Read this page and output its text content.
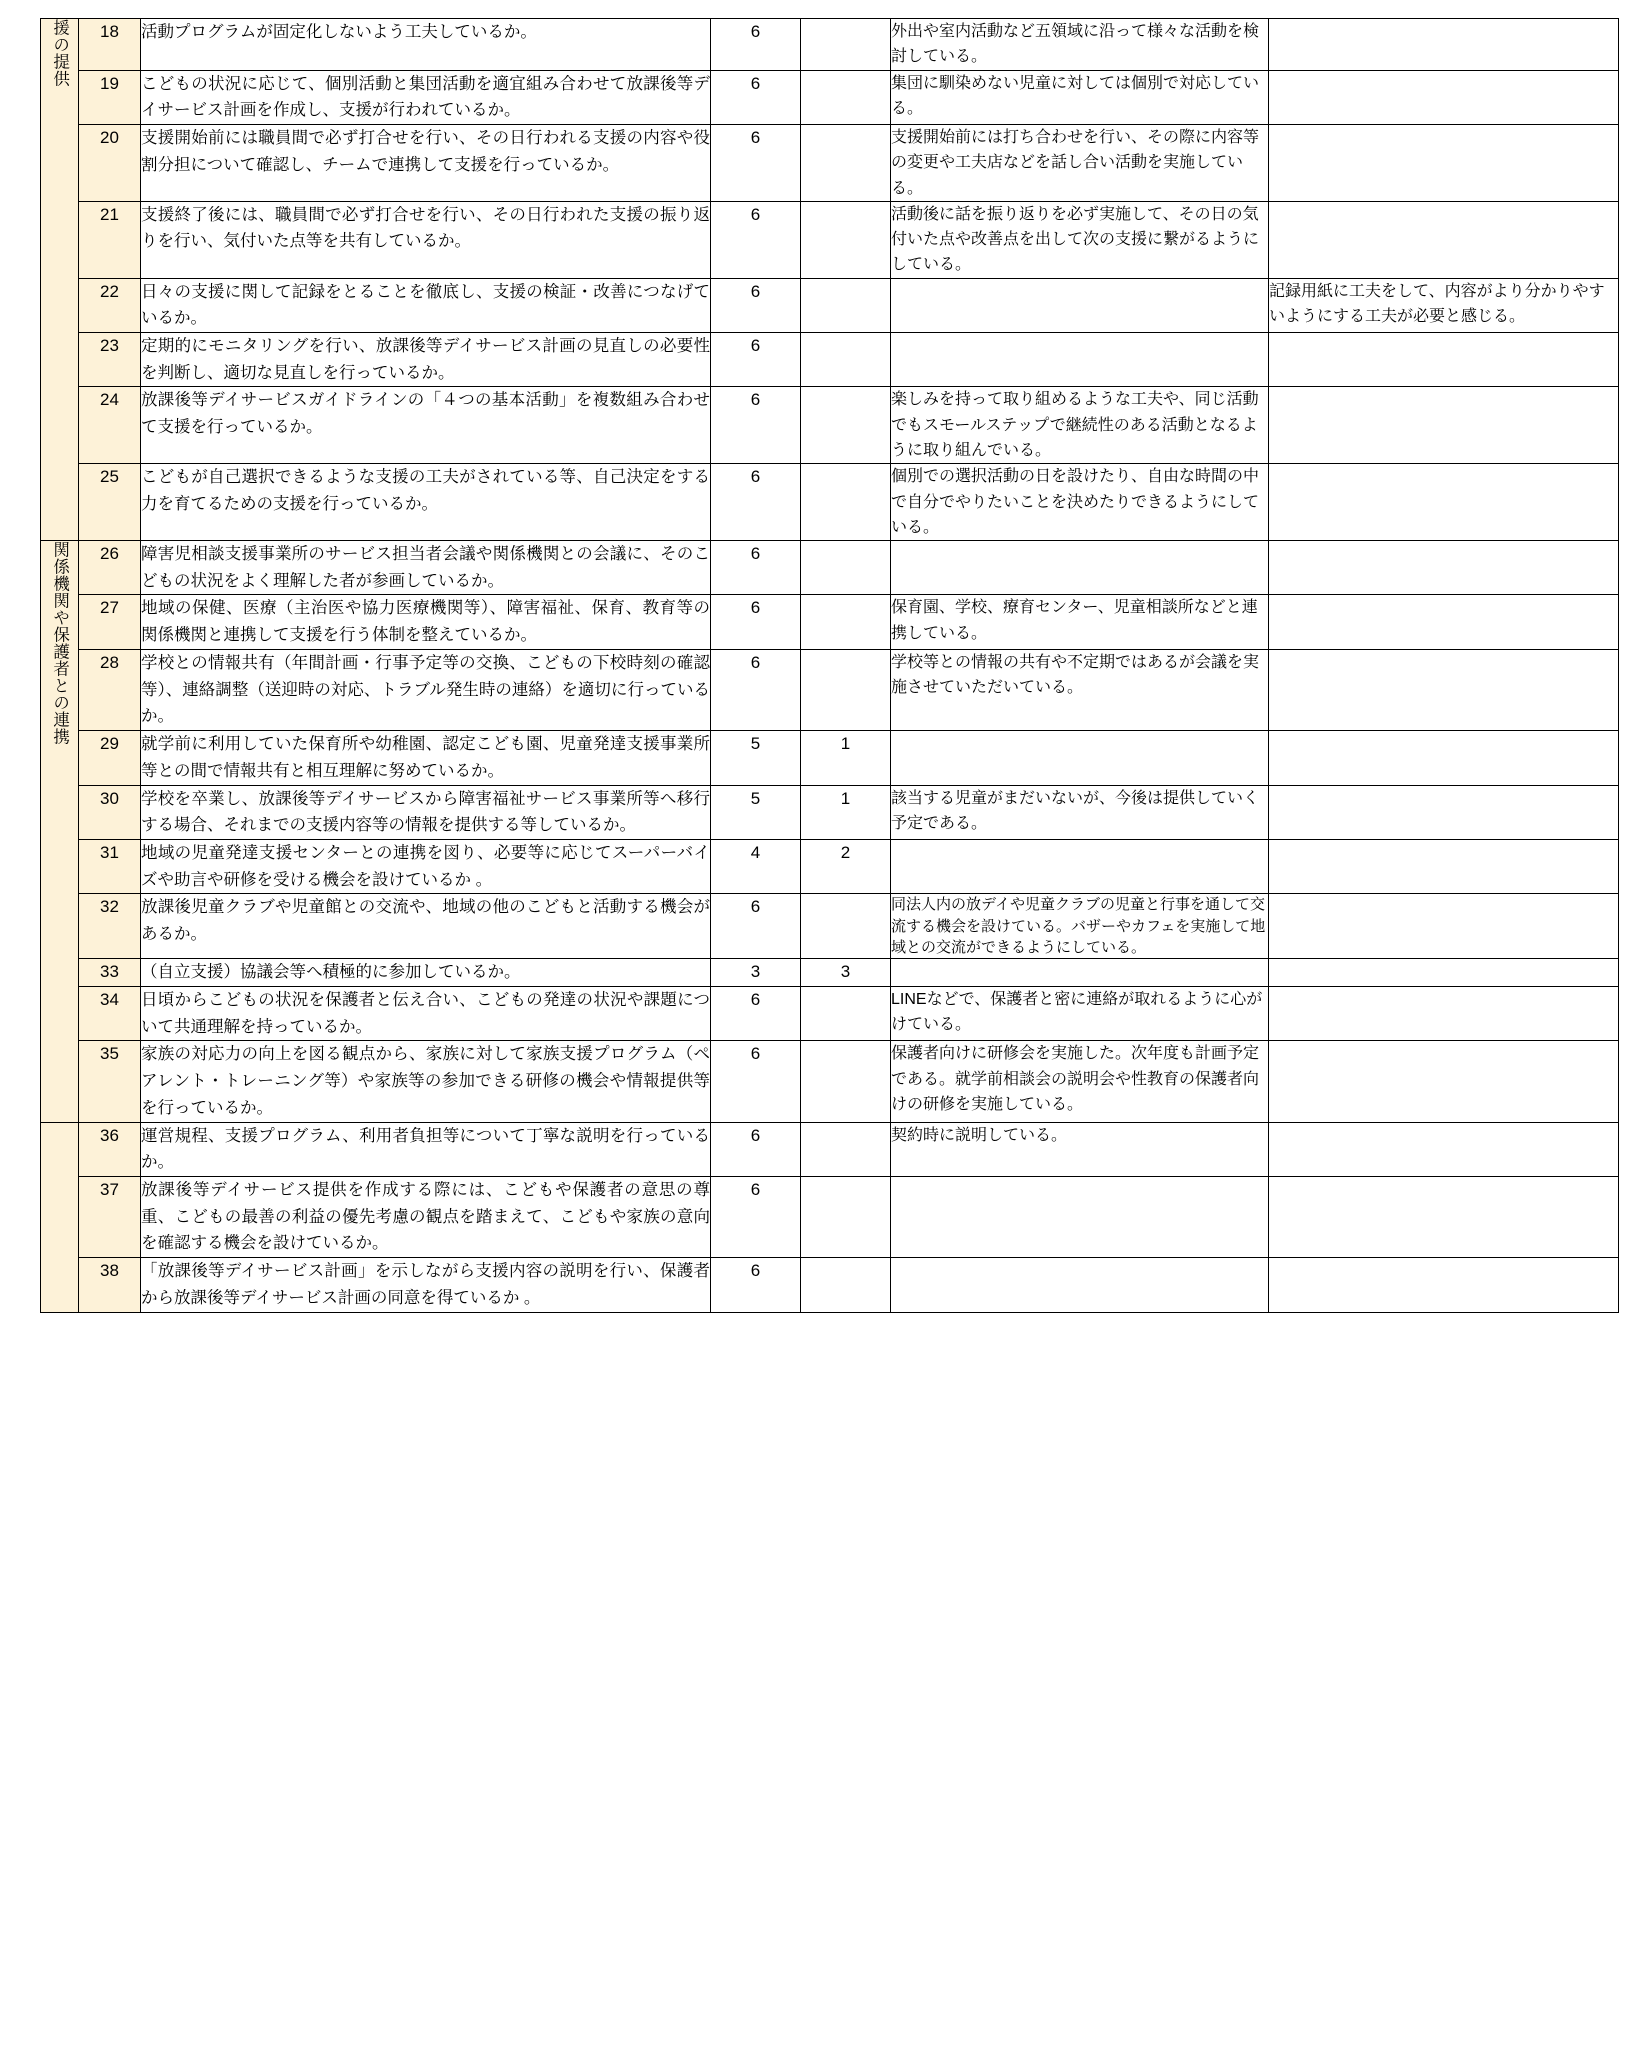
援の提供	18	活動プログラムが固定化しないよう工夫しているか。	6		外出や室内活動など五領域に沿って様々な活動を検討している。	
	19	こどもの状況に応じて、個別活動と集団活動を適宜組み合わせて放課後等デイサービス計画を作成し、支援が行われているか。	6		集団に馴染めない児童に対しては個別で対応している。	
	20	支援開始前には職員間で必ず打合せを行い、その日行われる支援の内容や役割分担について確認し、チームで連携して支援を行っているか。	6		支援開始前には打ち合わせを行い、その際に内容等の変更や工夫店などを話し合い活動を実施している。	
	21	支援終了後には、職員間で必ず打合せを行い、その日行われた支援の振り返りを行い、気付いた点等を共有しているか。	6		活動後に話を振り返りを必ず実施して、その日の気付いた点や改善点を出して次の支援に繋がるようにしている。	
	22	日々の支援に関して記録をとることを徹底し、支援の検証・改善につなげているか。	6			記録用紙に工夫をして、内容がより分かりやすいようにする工夫が必要と感じる。
	23	定期的にモニタリングを行い、放課後等デイサービス計画の見直しの必要性を判断し、適切な見直しを行っているか。	6			
	24	放課後等デイサービスガイドラインの「４つの基本活動」を複数組み合わせて支援を行っているか。	6		楽しみを持って取り組めるような工夫や、同じ活動でもスモールステップで継続性のある活動となるように取り組んでいる。	
	25	こどもが自己選択できるような支援の工夫がされている等、自己決定をする力を育てるための支援を行っているか。	6		個別での選択活動の日を設けたり、自由な時間の中で自分でやりたいことを決めたりできるようにしている。	

関係機関や保護者との連携	26	障害児相談支援事業所のサービス担当者会議や関係機関との会議に、そのこどもの状況をよく理解した者が参画しているか。	6			
	27	地域の保健、医療（主治医や協力医療機関等）、障害福祉、保育、教育等の関係機関と連携して支援を行う体制を整えているか。	6		保育園、学校、療育センター、児童相談所などと連携している。	
	28	学校との情報共有（年間計画・行事予定等の交換、こどもの下校時刻の確認等）、連絡調整（送迎時の対応、トラブル発生時の連絡）を適切に行っているか。	6		学校等との情報の共有や不定期ではあるが会議を実施させていただいている。	
	29	就学前に利用していた保育所や幼稚園、認定こども園、児童発達支援事業所等との間で情報共有と相互理解に努めているか。	5	1		
	30	学校を卒業し、放課後等デイサービスから障害福祉サービス事業所等へ移行する場合、それまでの支援内容等の情報を提供する等しているか。	5	1	該当する児童がまだいないが、今後は提供していく予定である。	
	31	地域の児童発達支援センターとの連携を図り、必要等に応じてスーパーバイズや助言や研修を受ける機会を設けているか 。	4	2		
	32	放課後児童クラブや児童館との交流や、地域の他のこどもと活動する機会があるか。	6		同法人内の放デイや児童クラブの児童と行事を通して交流する機会を設けている。バザーやカフェを実施して地域との交流ができるようにしている。	
	33	（自立支援）協議会等へ積極的に参加しているか。	3	3		
	34	日頃からこどもの状況を保護者と伝え合い、こどもの発達の状況や課題について共通理解を持っているか。	6		LINEなどで、保護者と密に連絡が取れるように心がけている。	
	35	家族の対応力の向上を図る観点から、家族に対して家族支援プログラム（ペアレント・トレーニング等）や家族等の参加できる研修の機会や情報提供等を行っているか。	6		保護者向けに研修会を実施した。次年度も計画予定である。就学前相談会の説明会や性教育の保護者向けの研修を実施している。	

	36	運営規程、支援プログラム、利用者負担等について丁寧な説明を行っているか。	6		契約時に説明している。	
	37	放課後等デイサービス提供を作成する際には、こどもや保護者の意思の尊重、こどもの最善の利益の優先考慮の観点を踏まえて、こどもや家族の意向を確認する機会を設けているか。	6			
	38	「放課後等デイサービス計画」を示しながら支援内容の説明を行い、保護者から放課後等デイサービス計画の同意を得ているか 。	6			
